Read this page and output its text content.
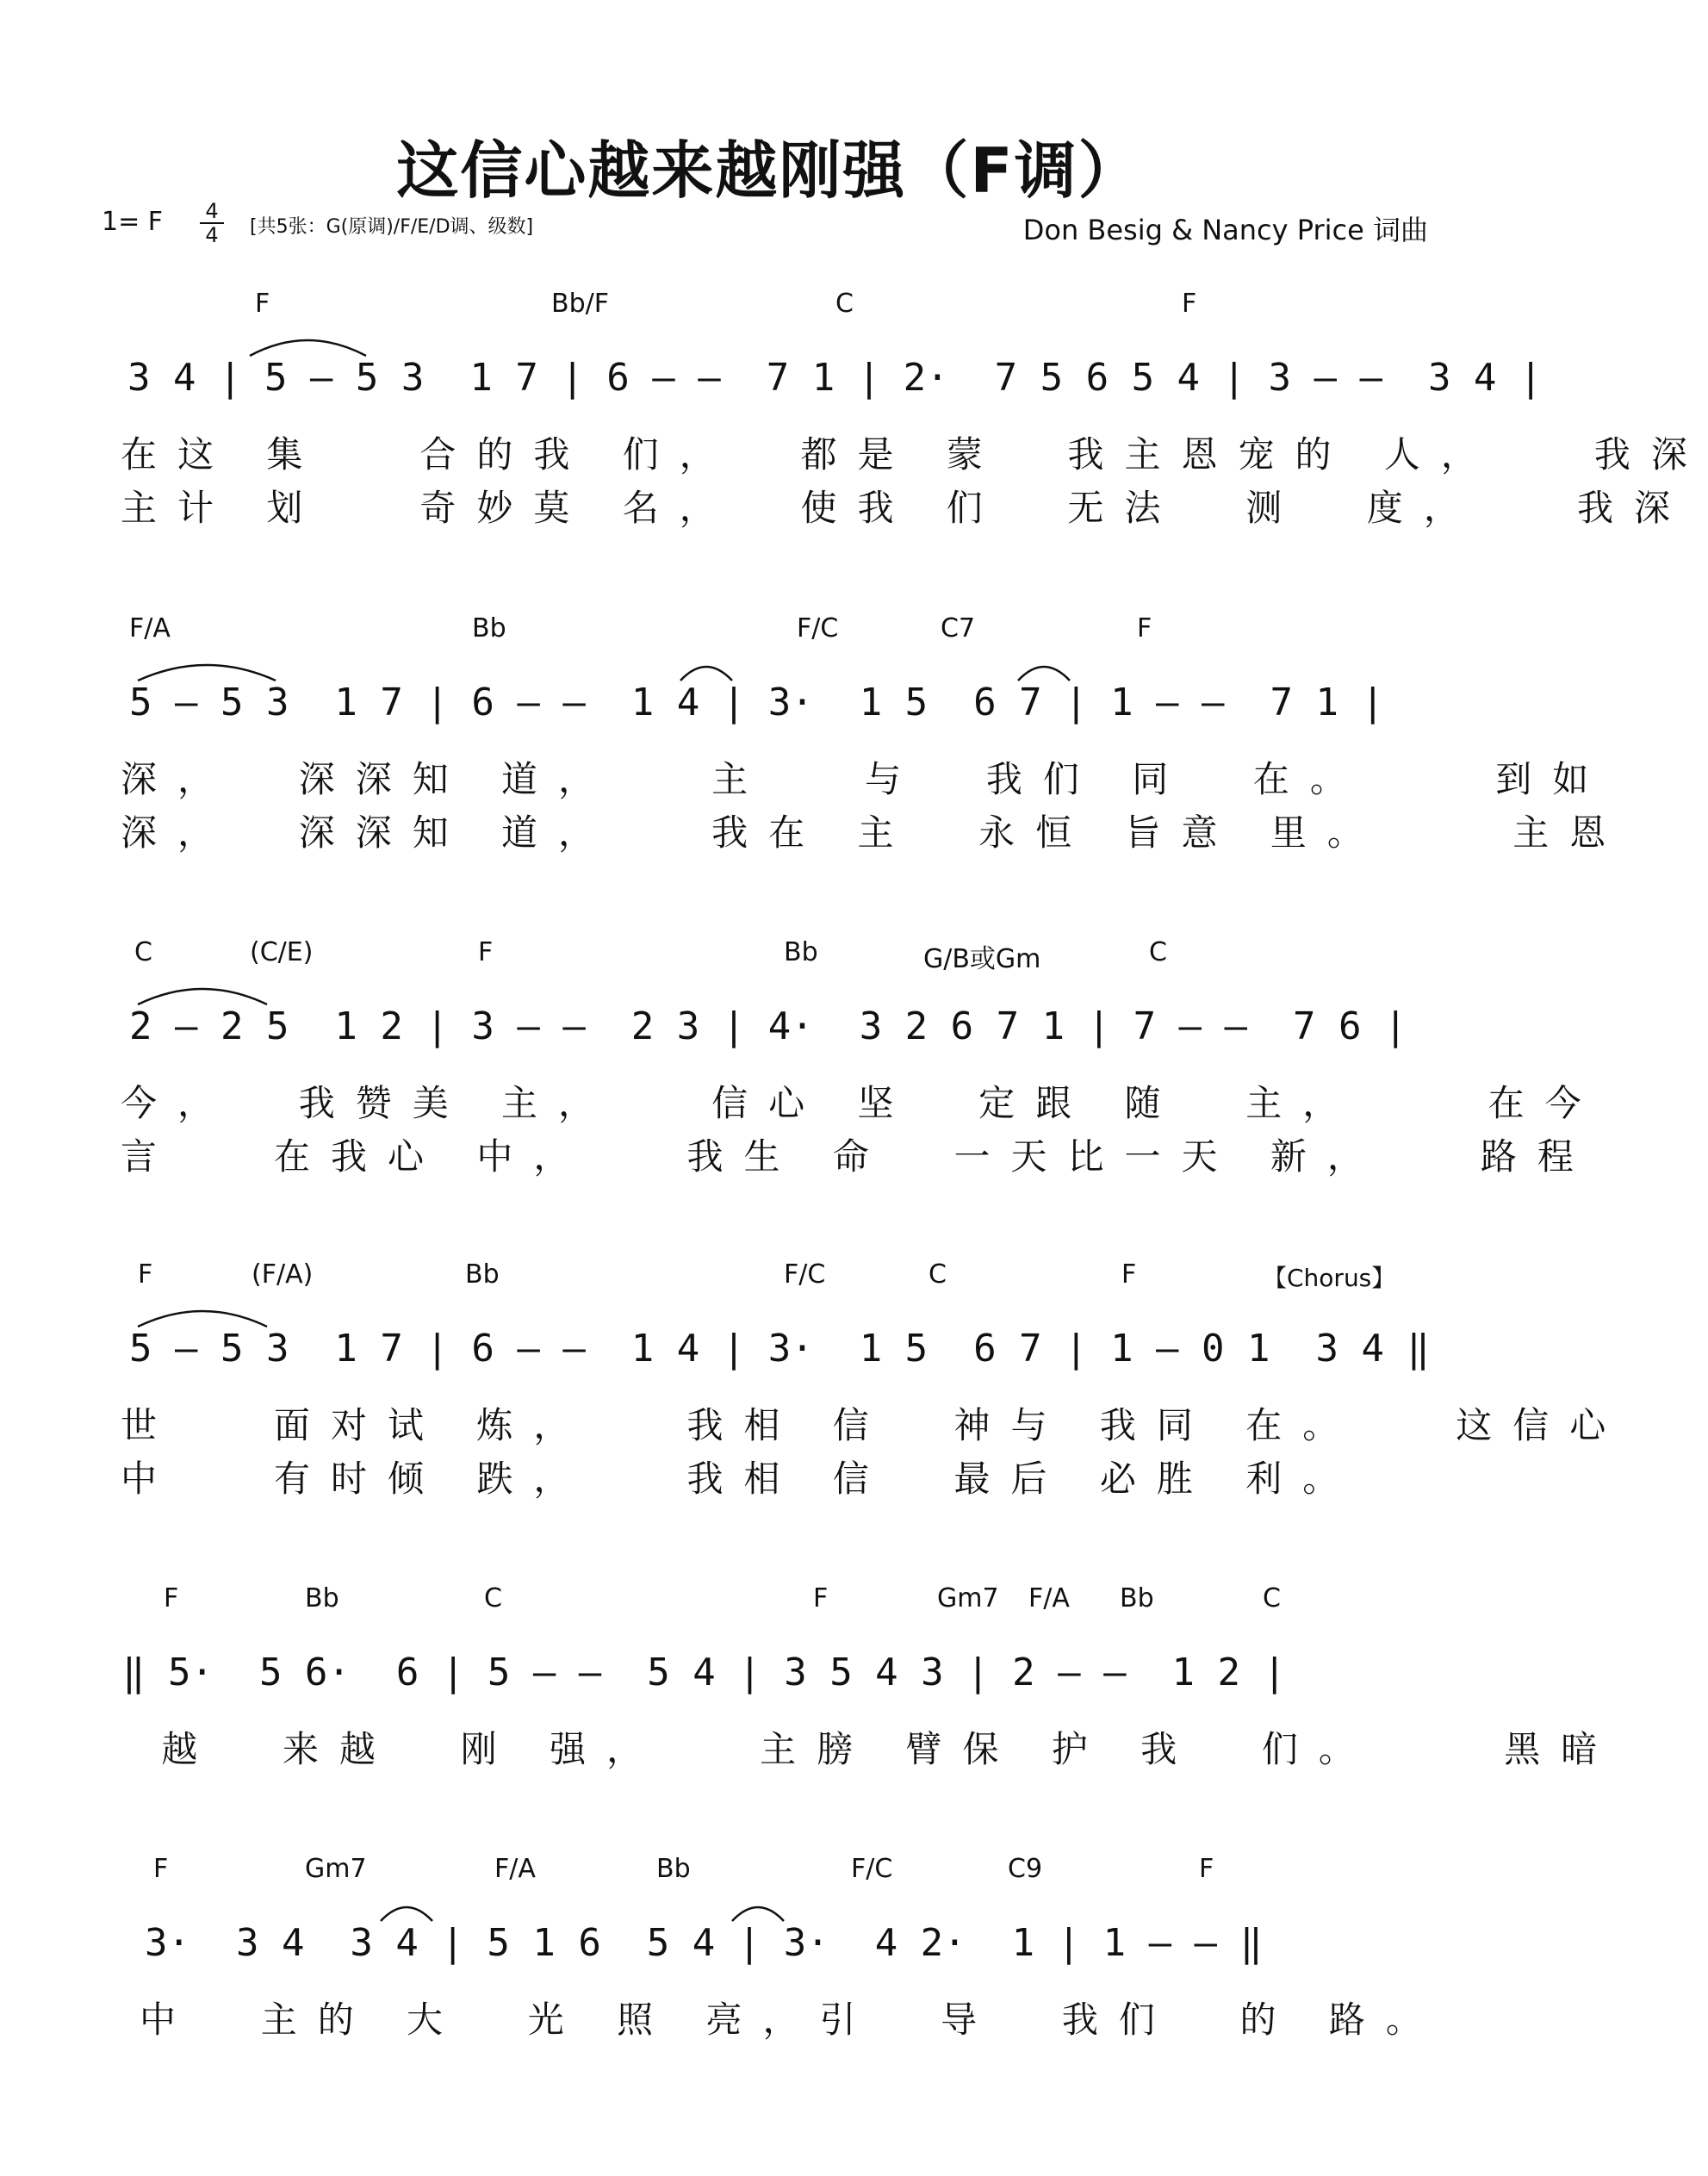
这信心越来越刚强（F调）
1= F 4
4 [共5张：G(原调)/F/E/D调、级数]	Don Besig & Nancy Price 词曲
F	Bb/F	C	F
3 4 | 5 – 5 3  1 7 | 6 – –  7 1 | 2·  7 5 6 5 4 | 3 – –  3 4 |
在这 集   合的我 们，  都是 蒙  我主恩宠的 人，   我深
主计 划   奇妙莫 名，  使我 们  无法  测  度，   我深
F/A	Bb	F/C	C7	F
5 – 5 3  1 7 | 6 – –  1 4 | 3·  1 5  6 7 | 1 – –  7 1 |
深，  深深知 道，   主   与  我们 同  在。    到如
深，  深深知 道，   我在 主  永恒 旨意 里。    主恩
C	(C/E)	F	Bb	G/B或Gm	C
2 – 2 5  1 2 | 3 – –  2 3 | 4·  3 2 6 7 1 | 7 – –  7 6 |
今，  我赞美 主，   信心 坚  定跟 随  主，    在今
言   在我心 中，   我生 命  一天比一天 新，   路程
F	(F/A)	Bb	F/C	C	F	【Chorus】
5 – 5 3  1 7 | 6 – –  1 4 | 3·  1 5  6 7 | 1 – 0 1  3 4 ‖
世   面对试 炼，   我相 信  神与 我同 在。   这信心
中   有时倾 跌，   我相 信  最后 必胜 利。
F	Bb	C	F	Gm7 F/A Bb	C
‖ 5·  5 6·  6 | 5 – –  5 4 | 3 5 4 3 | 2 – –  1 2 |
越  来越  刚 强，   主膀 臂保 护 我  们。    黑暗
F	Gm7	F/A	Bb	F/C	C9	F
3·  3 4  3 4 | 5 1 6  5 4 | 3·  4 2·  1 | 1 – – ‖
中  主的 大  光 照 亮，引  导  我们  的 路。
